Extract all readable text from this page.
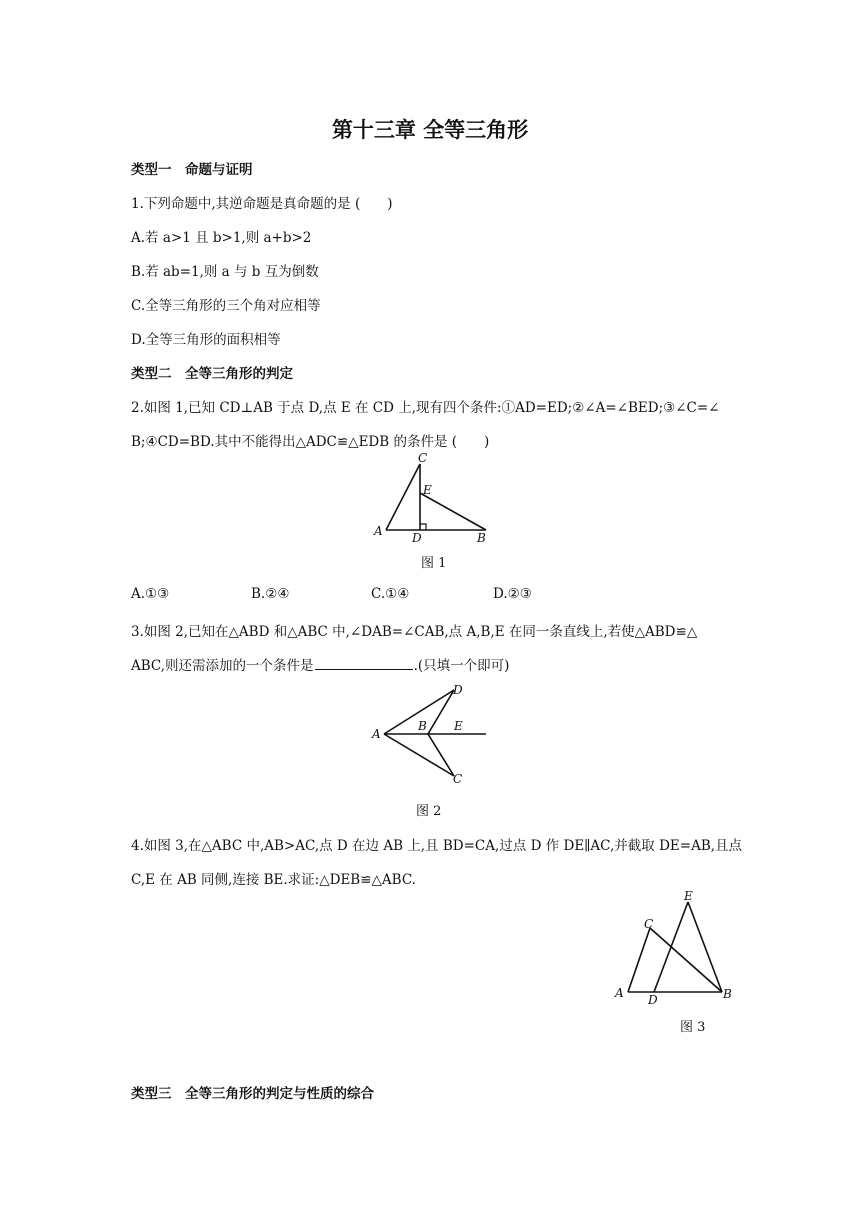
第十三章 全等三角形
类型一　命题与证明
1.下列命题中,其逆命题是真命题的是 (　　)
A.若 a>1 且 b>1,则 a+b>2
B.若 ab=1,则 a 与 b 互为倒数
C.全等三角形的三个角对应相等
D.全等三角形的面积相等
类型二　全等三角形的判定
2.如图 1,已知 CD⊥AB 于点 D,点 E 在 CD 上,现有四个条件:①AD=ED;②∠A=∠BED;③∠C=∠
B;④CD=BD.其中不能得出△ADC≌△EDB 的条件是 (　　)
C
E
A D	B
图 1
A.①③	B.②④	C.①④	D.②③
3.如图 2,已知在△ABD 和△ABC 中,∠DAB=∠CAB,点 A,B,E 在同一条直线上,若使△ABD≌△
ABC,则还需添加的一个条件是	.(只填一个即可)
A
B E
D
C
图 2
4.如图 3,在△ABC 中,AB>AC,点 D 在边 AB 上,且 BD=CA,过点 D 作 DE∥AC,并截取 DE=AB,且点
C,E 在 AB 同侧,连接 BE.求证:△DEB≌△ABC.
E
C
A D	B
图 3
类型三　全等三角形的判定与性质的综合
